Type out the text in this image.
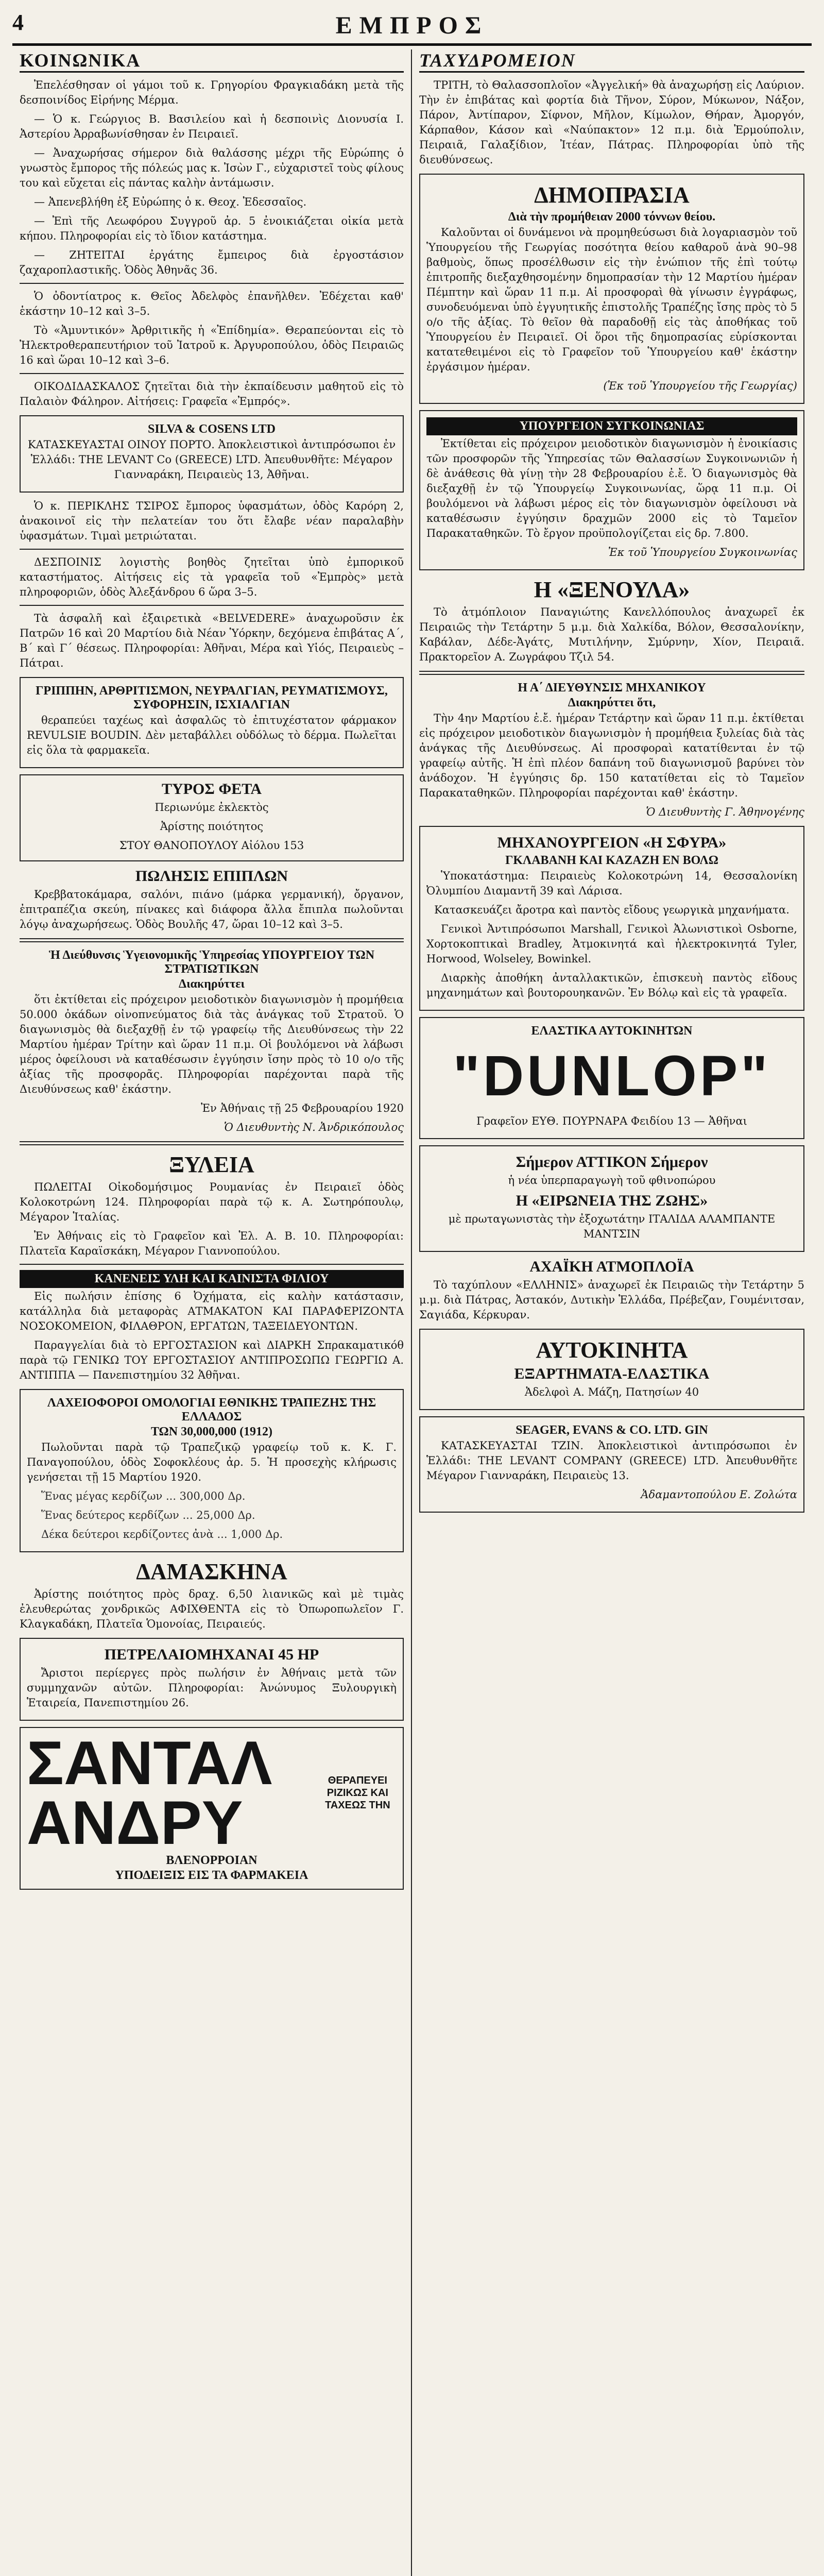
4	ΕΜΠΡΟΣ
ΚΟΙΝΩΝΙΚΑ

Ἐπελέσθησαν οἱ γάμοι τοῦ κ. Γρηγορίου Φραγκιαδάκη μετὰ τῆς δεσποινίδος Εἰρήνης Μέρμα.

— Ὁ κ. Γεώργιος Β. Βασιλείου καὶ ἡ δεσποινὶς Διονυσία Ι. Ἀστερίου Ἀρραβωνίσθησαν ἐν Πειραιεῖ.

— Ἀναχωρήσας σήμερον διὰ θαλάσσης μέχρι τῆς Εὐρώπης ὁ γνωστὸς ἔμπορος τῆς πόλεώς μας κ. Ἰσὼν Γ., εὐχαριστεῖ τοὺς φίλους του καὶ εὔχεται εἰς πάντας καλὴν ἀντάμωσιν.

— Ἀπενεβλήθη ἐξ Εὐρώπης ὁ κ. Θεοχ. Ἐδεσσαῖος.

— Ἐπὶ τῆς Λεωφόρου Συγγροῦ ἀρ. 5 ἐνοικιάζεται οἰκία μετὰ κήπου. Πληροφορίαι εἰς τὸ ἴδιον κατάστημα.

— ΖΗΤΕΙΤΑΙ ἐργάτης ἔμπειρος διὰ ἐργοστάσιον ζαχαροπλαστικῆς. Ὁδὸς Ἀθηνᾶς 36.

Ὁ ὀδοντίατρος κ. Θεῖος Ἀδελφὸς ἐπανῆλθεν. Ἐδέχεται καθ' ἑκάστην 10–12 καὶ 3–5.

Τὸ «Ἀμυντικόν» Ἀρθριτικῆς ἡ «Ἐπίδημία». Θεραπεύονται εἰς τὸ Ἠλεκτροθεραπευτήριον τοῦ Ἰατροῦ κ. Ἀργυροπούλου, ὁδὸς Πειραιῶς 16 καὶ ὥραι 10–12 καὶ 3–6.

ΟΙΚΟΔΙΔΑΣΚΑΛΟΣ ζητεῖται διὰ τὴν ἐκπαίδευσιν μαθητοῦ εἰς τὸ Παλαιὸν Φάληρον. Αἰτήσεις: Γραφεῖα «Ἐμπρός».

SILVA & COSENS LTD

ΚΑΤΑΣΚΕΥΑΣΤΑΙ ΟΙΝΟΥ ΠΟΡΤΟ. Ἀποκλειστικοὶ ἀντιπρόσωποι ἐν Ἑλλάδι: THE LEVANT Co (GREECE) LTD. Ἀπευθυνθῆτε: Μέγαρον Γιανναράκη, Πειραιεὺς 13, Ἀθῆναι.

Ὁ κ. ΠΕΡΙΚΛΗΣ ΤΣΙΡΟΣ ἔμπορος ὑφασμάτων, ὁδὸς Καρόρη 2, ἀνακοινοῖ εἰς τὴν πελατείαν του ὅτι ἔλαβε νέαν παραλαβὴν ὑφασμάτων. Τιμαὶ μετριώταται.

ΔΕΣΠΟΙΝΙΣ λογιστὴς βοηθὸς ζητεῖται ὑπὸ ἐμπορικοῦ καταστήματος. Αἰτήσεις εἰς τὰ γραφεῖα τοῦ «Ἐμπρὸς» μετὰ πληροφοριῶν, ὁδὸς Ἀλεξάνδρου 6 ὥρα 3–5.

Τὰ ἀσφαλῆ καὶ ἐξαιρετικὰ «BELVEDERE» ἀναχωροῦσιν ἐκ Πατρῶν 16 καὶ 20 Μαρτίου διὰ Νέαν Ὑόρκην, δεχόμενα ἐπιβάτας Α΄, Β΄ καὶ Γ΄ θέσεως. Πληροφορίαι: Ἀθῆναι, Μέρα καὶ Υἱός, Πειραιεὺς – Πάτραι.

ΓΡΙΠΠΗΝ, ΑΡΘΡΙΤΙΣΜΟΝ, ΝΕΥΡΑΛΓΙΑΝ, ΡΕΥΜΑΤΙΣΜΟΥΣ, ΣΥΦΟΡΗΣΙΝ, ΙΣΧΙΑΛΓΙΑΝ

θεραπεύει ταχέως καὶ ἀσφαλῶς τὸ ἐπιτυχέστατον φάρμακον REVULSIE BOUDIN. Δὲν μεταβάλλει οὐδόλως τὸ δέρμα. Πωλεῖται εἰς ὅλα τὰ φαρμακεῖα.

ΤΥΡΟΣ ΦΕΤΑ

Περιωνύμε ἐκλεκτὸς

Ἀρίστης ποιότητος

ΣΤΟΥ ΘΑΝΟΠΟΥΛΟΥ Αἰόλου 153

ΠΩΛΗΣΙΣ ΕΠΙΠΛΩΝ

Κρεββατοκάμαρα, σαλόνι, πιάνο (μάρκα γερμανική), ὄργανον, ἐπιτραπέζια σκεύη, πίνακες καὶ διάφορα ἄλλα ἔπιπλα πωλοῦνται λόγῳ ἀναχωρήσεως. Ὁδὸς Βουλῆς 47, ὥραι 10–12 καὶ 3–5.

Ἡ Διεύθυνσις Ὑγειονομικῆς Ὑπηρεσίας ΥΠΟΥΡΓΕΙΟΥ ΤΩΝ ΣΤΡΑΤΙΩΤΙΚΩΝ
Διακηρύττει

ὅτι ἐκτίθεται εἰς πρόχειρον μειοδοτικὸν διαγωνισμὸν ἡ προμήθεια 50.000 ὀκάδων οἰνοπνεύματος διὰ τὰς ἀνάγκας τοῦ Στρατοῦ. Ὁ διαγωνισμὸς θὰ διεξαχθῇ ἐν τῷ γραφείῳ τῆς Διευθύνσεως τὴν 22 Μαρτίου ἡμέραν Τρίτην καὶ ὥραν 11 π.μ. Οἱ βουλόμενοι νὰ λάβωσι μέρος ὀφείλουσι νὰ καταθέσωσιν ἐγγύησιν ἴσην πρὸς τὸ 10 ο/ο τῆς ἀξίας τῆς προσφορᾶς. Πληροφορίαι παρέχονται παρὰ τῆς Διευθύνσεως καθ' ἑκάστην.

Ἐν Ἀθήναις τῇ 25 Φεβρουαρίου 1920

Ὁ Διευθυντὴς Ν. Ἀνδρικόπουλος

ΞΥΛΕΙΑ

ΠΩΛΕΙΤΑΙ Οἰκοδομήσιμος Ρουμανίας ἐν Πειραιεῖ ὁδὸς Κολοκοτρώνη 124. Πληροφορίαι παρὰ τῷ κ. Α. Σωτηρόπουλῳ, Μέγαρον Ἱταλίας.

Ἐν Ἀθήναις εἰς τὸ Γραφεῖον καὶ Ἑλ. Α. Β. 10. Πληροφορίαι: Πλατεῖα Καραϊσκάκη, Μέγαρον Γιαννοπούλου.

ΚΑΝΕΝΕΙΣ ΥΛΗ ΚΑΙ ΚΑΙΝΙΣΤΑ ΦΙΛΙΟΥ

Εἰς πωλήσιν ἐπίσης 6 Ὀχήματα, εἰς καλὴν κατάστασιν, κατάλληλα διὰ μεταφορὰς ΑΤΜΑΚΑΤΟΝ ΚΑΙ ΠΑΡΑΦΕΡΙΖΟΝΤΑ ΝΟΣΟΚΟΜΕΙΟΝ, ΦΙΛΑΘΡΟΝ, ΕΡΓΑΤΩΝ, ΤΑΞΕΙΔΕΥΟΝΤΩΝ.

Παραγγελίαι διὰ τὸ ΕΡΓΟΣΤΑΣΙΟΝ καὶ ΔΙΑΡΚΗ Σπρακαματικόθ παρὰ τῷ ΓΕΝΙΚΩ ΤΟΥ ΕΡΓΟΣΤΑΣΙΟΥ ΑΝΤΙΠΡΟΣΩΠΩ ΓΕΩΡΓΙΩ Α. ΑΝΤΙΠΠΑ — Πανεπιστημίου 32 Ἀθῆναι.

ΛΑΧΕΙΟΦΟΡΟΙ ΟΜΟΛΟΓΙΑΙ ΕΘΝΙΚΗΣ ΤΡΑΠΕΖΗΣ ΤΗΣ ΕΛΛΑΔΟΣ
ΤΩΝ 30,000,000 (1912)

Πωλοῦνται παρὰ τῷ Τραπεζικῷ γραφείῳ τοῦ κ. Κ. Γ. Παναγοπούλου, ὁδὸς Σοφοκλέους ἀρ. 5. Ἡ προσεχὴς κλήρωσις γενήσεται τῇ 15 Μαρτίου 1920.

Ἕνας μέγας κερδίζων ... 300,000 Δρ.

Ἕνας δεύτερος κερδίζων ... 25,000 Δρ.

Δέκα δεύτεροι κερδίζοντες ἀνὰ ... 1,000 Δρ.

ΔΑΜΑΣΚΗΝΑ

Ἀρίστης ποιότητος πρὸς δραχ. 6,50 λιανικῶς καὶ μὲ τιμὰς ἐλευθερώτας χονδρικῶς ΑΦΙΧΘΕΝΤΑ εἰς τὸ Ὀπωροπωλεῖον Γ. Κλαγκαδάκη, Πλατεῖα Ὁμονοίας, Πειραιεύς.

ΠΕΤΡΕΛΑΙΟΜΗΧΑΝΑΙ 45 HP

Ἄριστοι περίεργες πρὸς πωλήσιν ἐν Ἀθήναις μετὰ τῶν συμμηχανῶν αὐτῶν. Πληροφορίαι: Ἀνώνυμος Ξυλουργικὴ Ἑταιρεία, Πανεπιστημίου 26.

ΣΑΝΤΑΛ ΑΝΔΡΥ
ΘΕΡΑΠΕΥΕΙ
ΡΙΖΙΚΩΣ ΚΑΙ ΤΑΧΕΩΣ ΤΗΝ
ΒΛΕΝΟΡΡΟΙΑΝ
ΥΠΟΔΕΙΞΙΣ ΕΙΣ ΤΑ ΦΑΡΜΑΚΕΙΑ
ΤΑΧΥΔΡΟΜΕΙΟΝ

ΤΡΙΤΗ, τὸ Θαλασσοπλοῖον «Ἀγγελική» θὰ ἀναχωρήσῃ εἰς Λαύριον. Τὴν ἐν ἐπιβάτας καὶ φορτία διὰ Τῆνον, Σύρον, Μύκωνον, Νάξον, Πάρον, Ἀντίπαρον, Σίφνον, Μῆλον, Κίμωλον, Θήραν, Ἀμοργόν, Κάρπαθον, Κάσον καὶ «Ναύπακτον» 12 π.μ. διὰ Ἐρμούπολιν, Πειραιᾶ, Γαλαξίδιον, Ἰτέαν, Πάτρας. Πληροφορίαι ὑπὸ τῆς διευθύνσεως.

ΔΗΜΟΠΡΑΣΙΑ
Διὰ τὴν προμήθειαν 2000 τόννων θείου.

Καλοῦνται οἱ δυνάμενοι νὰ προμηθεύσωσι διὰ λογαριασμὸν τοῦ Ὑπουργείου τῆς Γεωργίας ποσότητα θείου καθαροῦ ἀνὰ 90–98 βαθμοὺς, ὅπως προσέλθωσιν εἰς τὴν ἐνώπιον τῆς ἐπὶ τούτῳ ἐπιτροπῆς διεξαχθησομένην δημοπρασίαν τὴν 12 Μαρτίου ἡμέραν Πέμπτην καὶ ὥραν 11 π.μ. Αἱ προσφοραὶ θὰ γίνωσιν ἐγγράφως, συνοδευόμεναι ὑπὸ ἐγγυητικῆς ἐπιστολῆς Τραπέζης ἴσης πρὸς τὸ 5 ο/ο τῆς ἀξίας. Τὸ θεῖον θὰ παραδοθῇ εἰς τὰς ἀποθήκας τοῦ Ὑπουργείου ἐν Πειραιεῖ. Οἱ ὅροι τῆς δημοπρασίας εὑρίσκονται κατατεθειμένοι εἰς τὸ Γραφεῖον τοῦ Ὑπουργείου καθ' ἑκάστην ἐργάσιμον ἡμέραν.

(Ἐκ τοῦ Ὑπουργείου τῆς Γεωργίας)

ΥΠΟΥΡΓΕΙΟΝ ΣΥΓΚΟΙΝΩΝΙΑΣ

Ἐκτίθεται εἰς πρόχειρον μειοδοτικὸν διαγωνισμὸν ἡ ἐνοικίασις τῶν προσφορῶν τῆς Ὑπηρεσίας τῶν Θαλασσίων Συγκοινωνιῶν ἡ δὲ ἀνάθεσις θὰ γίνῃ τὴν 28 Φεβρουαρίου ἐ.ἔ. Ὁ διαγωνισμὸς θὰ διεξαχθῇ ἐν τῷ Ὑπουργείῳ Συγκοινωνίας, ὥρᾳ 11 π.μ. Οἱ βουλόμενοι νὰ λάβωσι μέρος εἰς τὸν διαγωνισμὸν ὀφείλουσι νὰ καταθέσωσιν ἐγγύησιν δραχμῶν 2000 εἰς τὸ Ταμεῖον Παρακαταθηκῶν. Τὸ ἔργον προϋπολογίζεται εἰς δρ. 7.800.

Ἐκ τοῦ Ὑπουργείου Συγκοινωνίας

Η «ΞΕΝΟΥΛΑ»

Τὸ ἀτμόπλοιον Παναγιώτης Κανελλόπουλος ἀναχωρεῖ ἐκ Πειραιῶς τὴν Τετάρτην 5 μ.μ. διὰ Χαλκίδα, Βόλον, Θεσσαλονίκην, Καβάλαν, Δέδε-Ἀγάτς, Μυτιλήνην, Σμύρνην, Χίον, Πειραιᾶ. Πρακτορεῖον Α. Ζωγράφου Τζιλ 54.

Η Α΄ ΔΙΕΥΘΥΝΣΙΣ ΜΗΧΑΝΙΚΟΥ
Διακηρύττει ὅτι,

Τὴν 4ην Μαρτίου ἐ.ἔ. ἡμέραν Τετάρτην καὶ ὥραν 11 π.μ. ἐκτίθεται εἰς πρόχειρον μειοδοτικὸν διαγωνισμὸν ἡ προμήθεια ξυλείας διὰ τὰς ἀνάγκας τῆς Διευθύνσεως. Αἱ προσφοραὶ κατατίθενται ἐν τῷ γραφείῳ αὐτῆς. Ἡ ἐπὶ πλέον δαπάνη τοῦ διαγωνισμοῦ βαρύνει τὸν ἀνάδοχον. Ἡ ἐγγύησις δρ. 150 κατατίθεται εἰς τὸ Ταμεῖον Παρακαταθηκῶν. Πληροφορίαι παρέχονται καθ' ἑκάστην.

Ὁ Διευθυντὴς Γ. Ἀθηνογένης

ΜΗΧΑΝΟΥΡΓΕΙΟΝ «Η ΣΦΥΡΑ»
ΓΚΛΑΒΑΝΗ ΚΑΙ ΚΑΖΑΖΗ ΕΝ ΒΟΛΩ

Ὑποκατάστημα: Πειραιεὺς Κολοκοτρώνη 14, Θεσσαλονίκη Ὀλυμπίου Διαμαντῆ 39 καὶ Λάρισα.

Κατασκευάζει ἄροτρα καὶ παντὸς εἴδους γεωργικὰ μηχανήματα.

Γενικοὶ Ἀντιπρόσωποι Marshall, Γενικοὶ Ἀλωνιστικοὶ Osborne, Χορτοκοπτικαὶ Bradley, Ἀτμοκινητά καὶ ἠλεκτροκινητά Tyler, Horwood, Wolseley, Bowinkel.

Διαρκὴς ἀποθήκη ἀνταλλακτικῶν, ἐπισκευὴ παντὸς εἴδους μηχανημάτων καὶ βουτορουηκανῶν. Ἐν Βόλῳ καὶ εἰς τὰ γραφεῖα.

ΕΛΑΣΤΙΚΑ ΑΥΤΟΚΙΝΗΤΩΝ
"DUNLOP"

Γραφεῖον ΕΥΘ. ΠΟΥΡΝΑΡΑ Φειδίου 13 — Ἀθῆναι

Σήμερον ΑΤΤΙΚΟΝ Σήμερον

ἡ νέα ὑπερπαραγωγὴ τοῦ φθινοπώρου

Η «ΕΙΡΩΝΕΙΑ ΤΗΣ ΖΩΗΣ»

μὲ πρωταγωνιστὰς τὴν ἐξοχωτάτην ΙΤΑΛΙΔΑ ΑΛΑΜΠΑΝΤΕ ΜΑΝΤΣΙΝ

ΑΧΑΪΚΗ ΑΤΜΟΠΛΟΪΑ

Τὸ ταχύπλουν «ΕΛΛΗΝΙΣ» ἀναχωρεῖ ἐκ Πειραιῶς τὴν Τετάρτην 5 μ.μ. διὰ Πάτρας, Ἀστακόν, Δυτικὴν Ἑλλάδα, Πρέβεζαν, Γουμένιτσαν, Σαγιάδα, Κέρκυραν.

ΑΥΤΟΚΙΝΗΤΑ
ΕΞΑΡΤΗΜΑΤΑ-ΕΛΑΣΤΙΚΑ

Ἀδελφοὶ Α. Μάζη, Πατησίων 40

SEAGER, EVANS & CO. LTD. GIN

ΚΑΤΑΣΚΕΥΑΣΤΑΙ ΤΖΙΝ. Ἀποκλειστικοὶ ἀντιπρόσωποι ἐν Ἑλλάδι: THE LEVANT COMPANY (GREECE) LTD. Ἀπευθυνθῆτε Μέγαρον Γιανναράκη, Πειραιεὺς 13.

Ἀδαμαντοπούλου Ε. Ζολώτα
